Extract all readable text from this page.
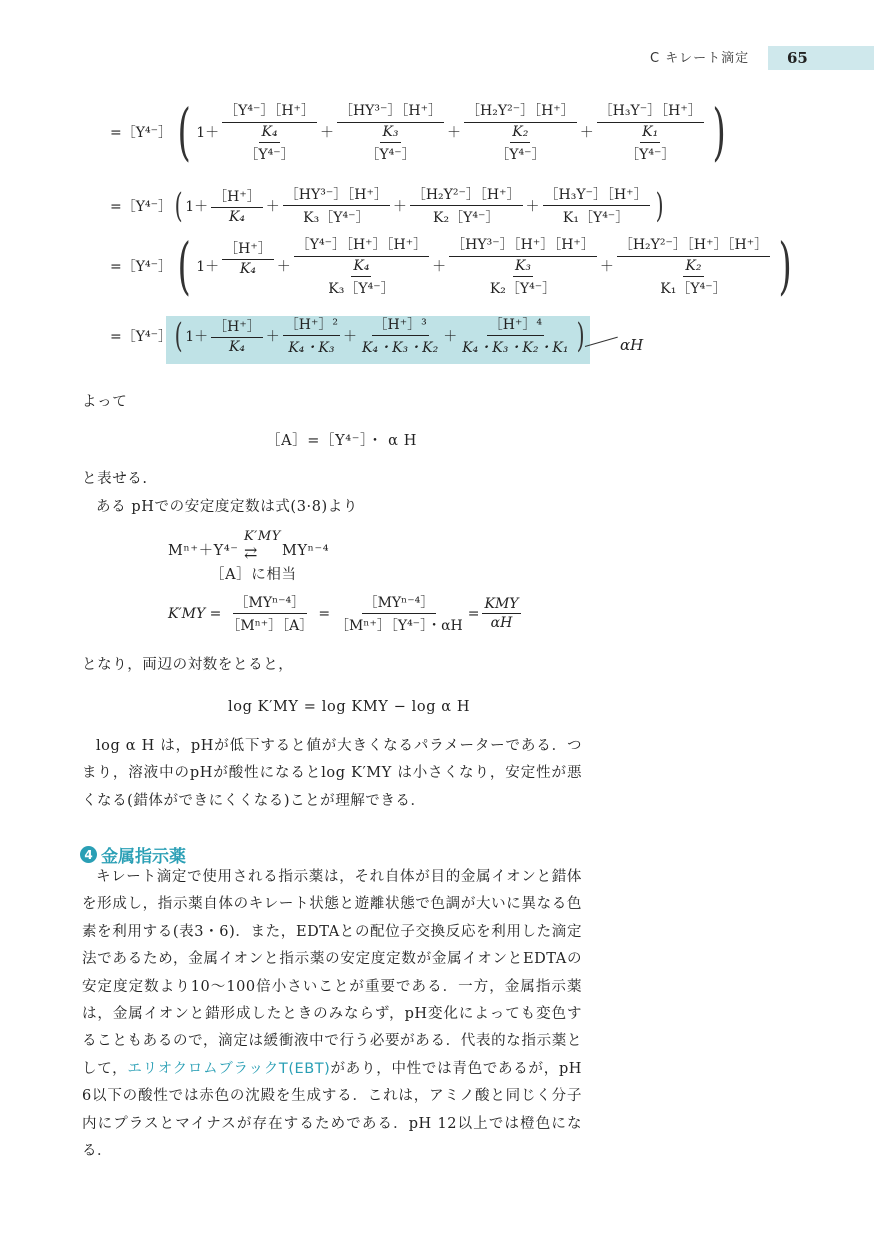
C キレート滴定	65
=［Y⁴⁻］ ( $1+ \frac{\text{［Y⁴⁻］［H⁺］}}{\frac{\text{K₄}}{\text{［Y⁴⁻］}}} + \frac{\text{［HY³⁻］［H⁺］}}{\frac{\text{K₃}}{\text{［Y⁴⁻］}}} + \frac{\text{［H₂Y²⁻］［H⁺］}}{\frac{\text{K₂}}{\text{［Y⁴⁻］}}} + \frac{\text{［H₃Y⁻］［H⁺］}}{\frac{\text{K₁}}{\text{［Y⁴⁻］}}}$ )
=［Y⁴⁻］ ( $1+ \frac{[H^+]}{\text{K₄}} + \frac{\text{［HY³⁻］［H⁺］}}{\text{K₃［Y⁴⁻］}} + \frac{\text{［H₂Y²⁻］［H⁺］}}{\text{K₂［Y⁴⁻］}} + \frac{\text{［H₃Y⁻］［H⁺］}}{\text{K₁［Y⁴⁻］}}$ )
=［Y⁴⁻］ ( $1+ \frac{[H^+]}{\text{K₄}} + \frac{\text{［Y⁴⁻］［H⁺］［H⁺］}}{\frac{\text{K₄}}{\text{K₃［Y⁴⁻］}}} + \frac{\text{［HY³⁻］［H⁺］［H⁺］}}{\frac{\text{K₃}}{\text{K₂［Y⁴⁻］}}} + \frac{\text{［H₂Y²⁻］［H⁺］［H⁺］}}{\frac{\text{K₂}}{\text{K₁［Y⁴⁻］}}}$ )
=［Y⁴⁻］ ( $1+ \frac{[H^+]}{\text{K₄}} + \frac{\text{［H⁺］²}}{\text{K₄・K₃}} + \frac{\text{［H⁺］³}}{\text{K₄・K₃・K₂}} + \frac{\text{［H⁺］⁴}}{\text{K₄・K₃・K₂・K₁}}$ ) αH
よって
［A］=［Y⁴⁻］・ α H
と表せる.
ある pHでの安定度定数は式(3·8)より
Mⁿ⁺＋Y⁴⁻
K′MY
⇄ MYⁿ⁻⁴
［A］に相当
$K'MY = \frac{\text{［MYⁿ⁻⁴］}}{\text{［Mⁿ⁺］［A］}} = \frac{\text{［MYⁿ⁻⁴］}}{\text{［Mⁿ⁺］［Y⁴⁻］・αH}} = \frac{\text{KMY}}{\alpha H}$
となり，両辺の対数をとると，
log K′MY = log KMY − log α H
log α H は，pHが低下すると値が大きくなるパラメーターである．つまり，溶液中のpHが酸性になるとlog K′MY は小さくなり，安定性が悪くなる(錯体ができにくくなる)ことが理解できる．
4 金属指示薬
キレート滴定で使用される指示薬は，それ自体が目的金属イオンと錯体を形成し，指示薬自体のキレート状態と遊離状態で色調が大いに異なる色素を利用する(表3・6)．また，EDTAとの配位子交換反応を利用した滴定法であるため，金属イオンと指示薬の安定度定数が金属イオンとEDTAの安定度定数より10〜100倍小さいことが重要である．一方，金属指示薬は，金属イオンと錯形成したときのみならず，pH変化によっても変色することもあるので，滴定は緩衝液中で行う必要がある．代表的な指示薬として，エリオクロムブラックT(EBT)があり，中性では青色であるが，pH 6以下の酸性では赤色の沈殿を生成する．これは，アミノ酸と同じく分子内にプラスとマイナスが存在するためである．pH 12以上では橙色になる．
